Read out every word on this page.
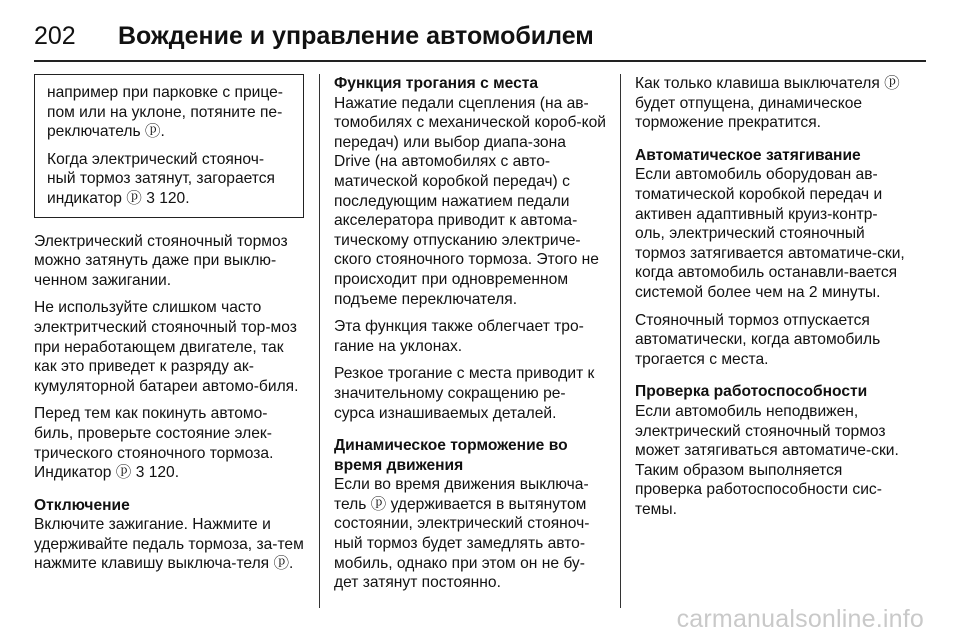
202	Вождение и управление автомобилем

например при парковке с прице-пом или на уклоне, потяните пе-реключатель ⓟ.

Когда электрический стояноч-ный тормоз затянут, загорается индикатор ⓟ 3 120.

Электрический стояночный тормоз можно затянуть даже при выклю-ченном зажигании.

Не используйте слишком часто электритческий стояночный тор-моз при неработающем двигателе, так как это приведет к разряду ак-кумуляторной батареи автомо-биля.

Перед тем как покинуть автомо-биль, проверьте состояние элек-трического стояночного тормоза. Индикатор ⓟ 3 120.

Отключение

Включите зажигание. Нажмите и удерживайте педаль тормоза, за-тем нажмите клавишу выключа-теля ⓟ.

Функция трогания с места

Нажатие педали сцепления (на ав-томобилях с механической короб-кой передач) или выбор диапа-зона Drive (на автомобилях с авто-матической коробкой передач) с последующим нажатием педали акселератора приводит к автома-тическому отпусканию электриче-ского стояночного тормоза. Этого не происходит при одновременном подъеме переключателя.

Эта функция также облегчает тро-гание на уклонах.

Резкое трогание с места приводит к значительному сокращению ре-сурса изнашиваемых деталей.

Динамическое торможение во время движения

Если во время движения выключа-тель ⓟ удерживается в вытянутом состоянии, электрический стояноч-ный тормоз будет замедлять авто-мобиль, однако при этом он не бу-дет затянут постоянно.

Как только клавиша выключателя ⓟ будет отпущена, динамическое торможение прекратится.

Автоматическое затягивание

Если автомобиль оборудован ав-томатической коробкой передач и активен адаптивный круиз-контр-оль, электрический стояночный тормоз затягивается автоматиче-ски, когда автомобиль останавли-вается системой более чем на 2 минуты.

Стояночный тормоз отпускается автоматически, когда автомобиль трогается с места.

Проверка работоспособности

Если автомобиль неподвижен, электрический стояночный тормоз может затягиваться автоматиче-ски. Таким образом выполняется проверка работоспособности сис-темы.

carmanualsonline.info
